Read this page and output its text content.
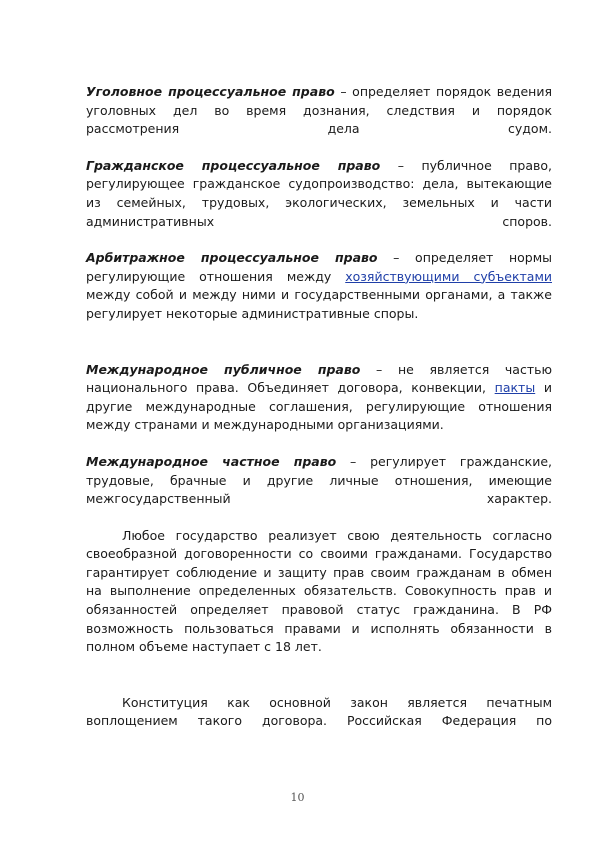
Уголовное процессуальное право – определяет порядок ведения уголовных дел во время дознания, следствия и порядок рассмотрения дела судом.

Гражданское процессуальное право – публичное право, регулирующее гражданское судопроизводство: дела, вытекающие из семейных, трудовых, экологических, земельных и части административных споров.

Арбитражное процессуальное право – определяет нормы регулирующие отношения между хозяйствующими субъектами между собой и между ними и государственными органами, а также регулирует некоторые административные споры.

Международное публичное право – не является частью национального права. Объединяет договора, конвекции, пакты и другие международные соглашения, регулирующие отношения между странами и международными организациями.

Международное частное право – регулирует гражданские, трудовые, брачные и другие личные отношения, имеющие межгосударственный характер.

Любое государство реализует свою деятельность согласно своеобразной договоренности со своими гражданами. Государство гарантирует соблюдение и защиту прав своим гражданам в обмен на выполнение определенных обязательств. Совокупность прав и обязанностей определяет правовой статус гражданина. В РФ возможность пользоваться правами и исполнять обязанности в полном объеме наступает с 18 лет.

Конституция как основной закон является печатным воплощением такого договора. Российская Федерация по

10
